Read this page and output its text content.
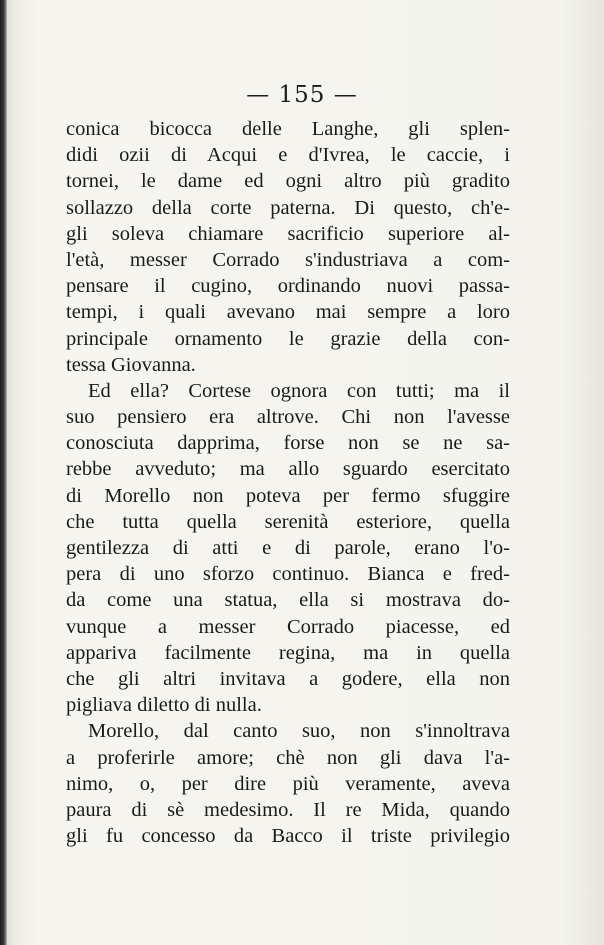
— 155 —
conica bicocca delle Langhe, gli splen-
didi ozii di Acqui e d'Ivrea, le caccie, i
tornei, le dame ed ogni altro più gradito
sollazzo della corte paterna. Di questo, ch'e-
gli soleva chiamare sacrificio superiore al-
l'età, messer Corrado s'industriava a com-
pensare il cugino, ordinando nuovi passa-
tempi, i quali avevano mai sempre a loro
principale ornamento le grazie della con-
tessa Giovanna.
Ed ella? Cortese ognora con tutti; ma il
suo pensiero era altrove. Chi non l'avesse
conosciuta dapprima, forse non se ne sa-
rebbe avveduto; ma allo sguardo esercitato
di Morello non poteva per fermo sfuggire
che tutta quella serenità esteriore, quella
gentilezza di atti e di parole, erano l'o-
pera di uno sforzo continuo. Bianca e fred-
da come una statua, ella si mostrava do-
vunque a messer Corrado piacesse, ed
appariva facilmente regina, ma in quella
che gli altri invitava a godere, ella non
pigliava diletto di nulla.
Morello, dal canto suo, non s'innoltrava
a proferirle amore; chè non gli dava l'a-
nimo, o, per dire più veramente, aveva
paura di sè medesimo. Il re Mida, quando
gli fu concesso da Bacco il triste privilegio
